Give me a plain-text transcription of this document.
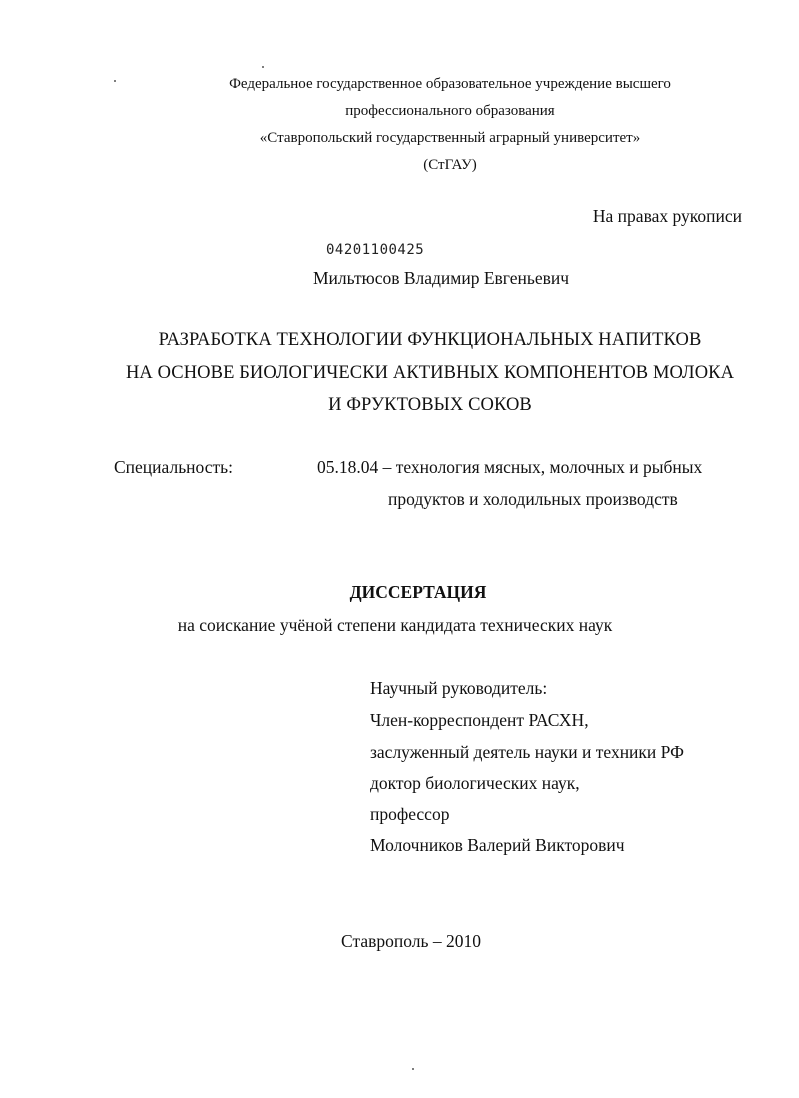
Федеральное государственное образовательное учреждение высшего
профессионального образования
«Ставропольский государственный аграрный университет»
(СтГАУ)
На правах рукописи
04201100425
Мильтюсов Владимир Евгеньевич
РАЗРАБОТКА ТЕХНОЛОГИИ ФУНКЦИОНАЛЬНЫХ НАПИТКОВ
НА ОСНОВЕ БИОЛОГИЧЕСКИ АКТИВНЫХ КОМПОНЕНТОВ МОЛОКА
И ФРУКТОВЫХ СОКОВ
Специальность:	05.18.04 – технология мясных, молочных и рыбных
продуктов и холодильных производств
ДИССЕРТАЦИЯ
на соискание учёной степени кандидата технических наук
Научный руководитель:
Член-корреспондент РАСХН,
заслуженный деятель науки и техники РФ
доктор биологических наук,
профессор
Молочников Валерий Викторович
Ставрополь – 2010
